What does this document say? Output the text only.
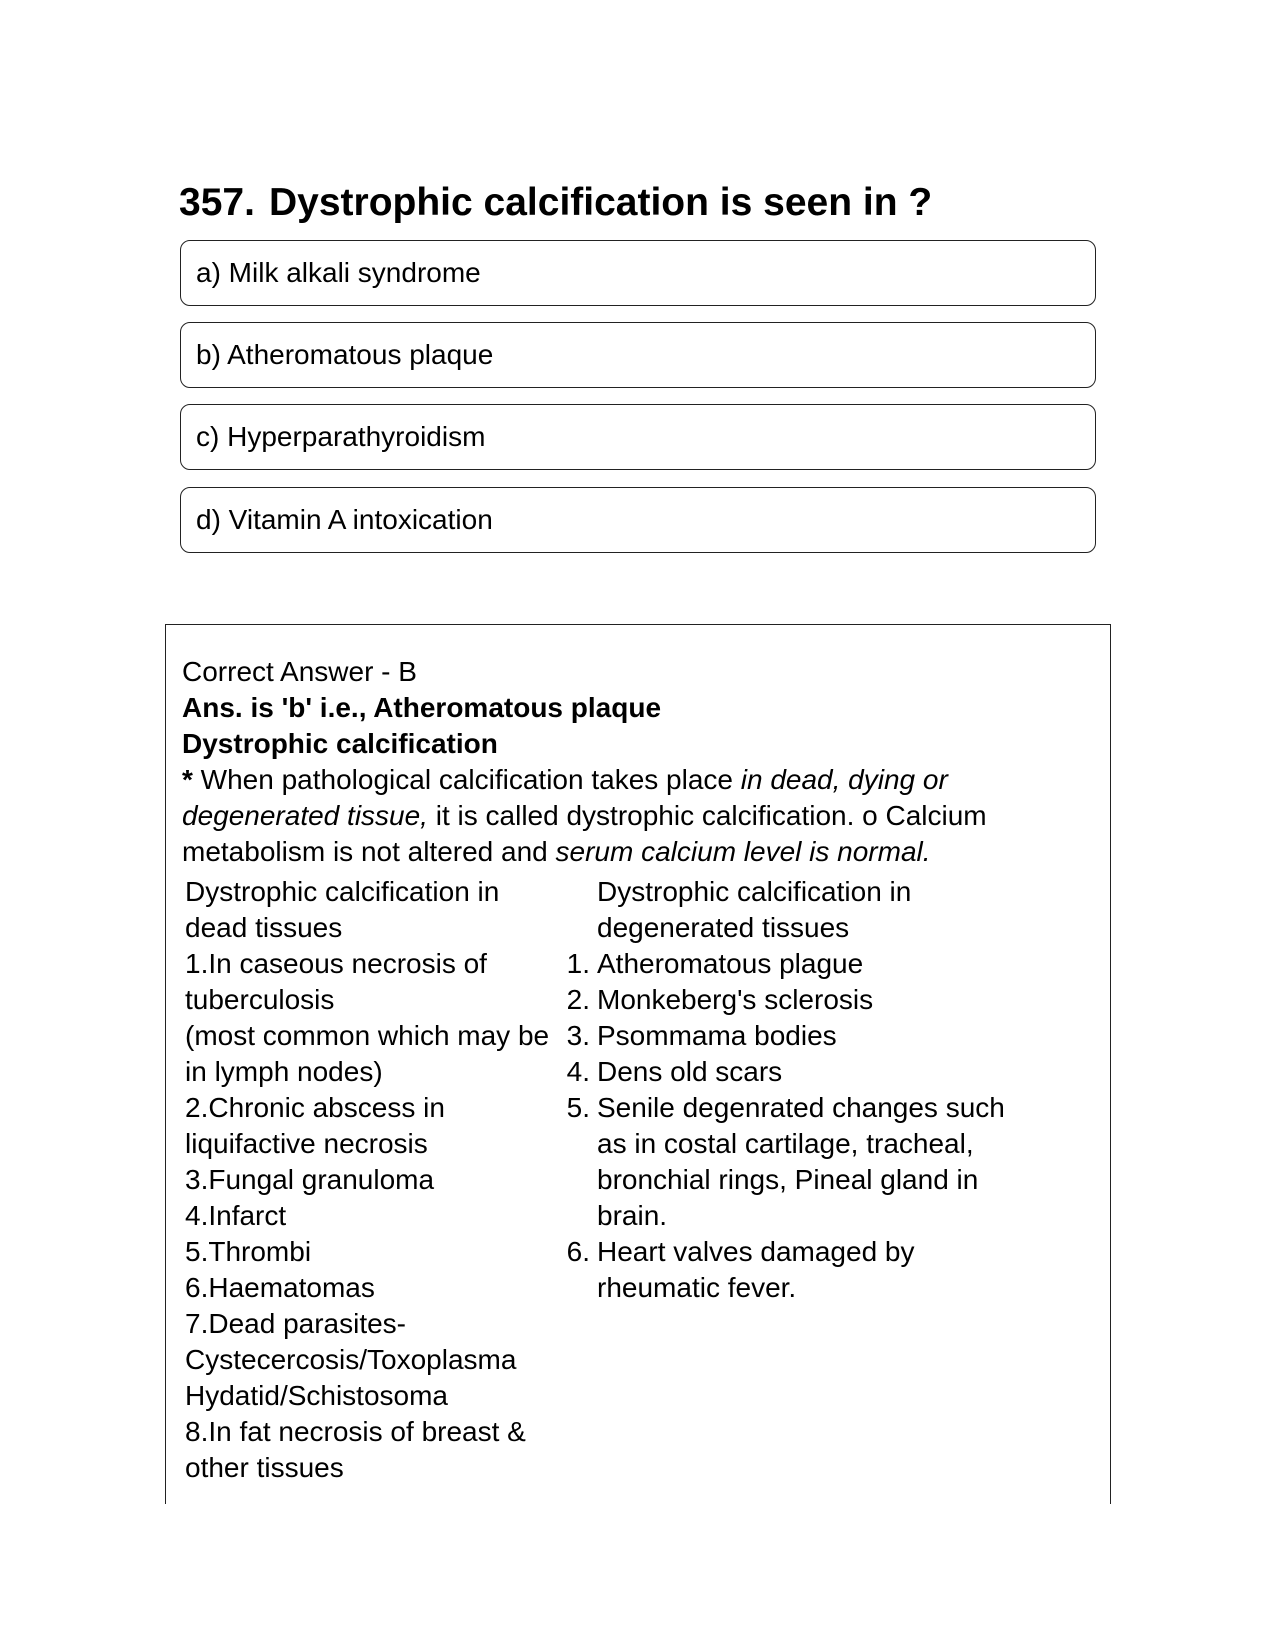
357. Dystrophic calcification is seen in ?
a) Milk alkali syndrome
b) Atheromatous plaque
c) Hyperparathyroidism
d) Vitamin A intoxication

Correct Answer - B

Ans. is 'b' i.e., Atheromatous plaque

Dystrophic calcification

* When pathological calcification takes place in dead, dying or degenerated tissue, it is called dystrophic calcification. o Calcium metabolism is not altered and serum calcium level is normal.

Dystrophic calcification in
dead tissues
1.In caseous necrosis of
tuberculosis
(most common which may be
in lymph nodes)
2.Chronic abscess in
liquifactive necrosis
3.Fungal granuloma
4.Infarct
5.Thrombi
6.Haematomas
7.Dead parasites-
Cystecercosis/Toxoplasma
Hydatid/Schistosoma
8.In fat necrosis of breast &
other tissues
Dystrophic calcification in
degenerated tissues
1. Atheromatous plague
2. Monkeberg's sclerosis
3. Psommama bodies
4. Dens old scars
5. Senile degenrated changes such
as in costal cartilage, tracheal,
bronchial rings, Pineal gland in
brain.
6. Heart valves damaged by
rheumatic fever.
